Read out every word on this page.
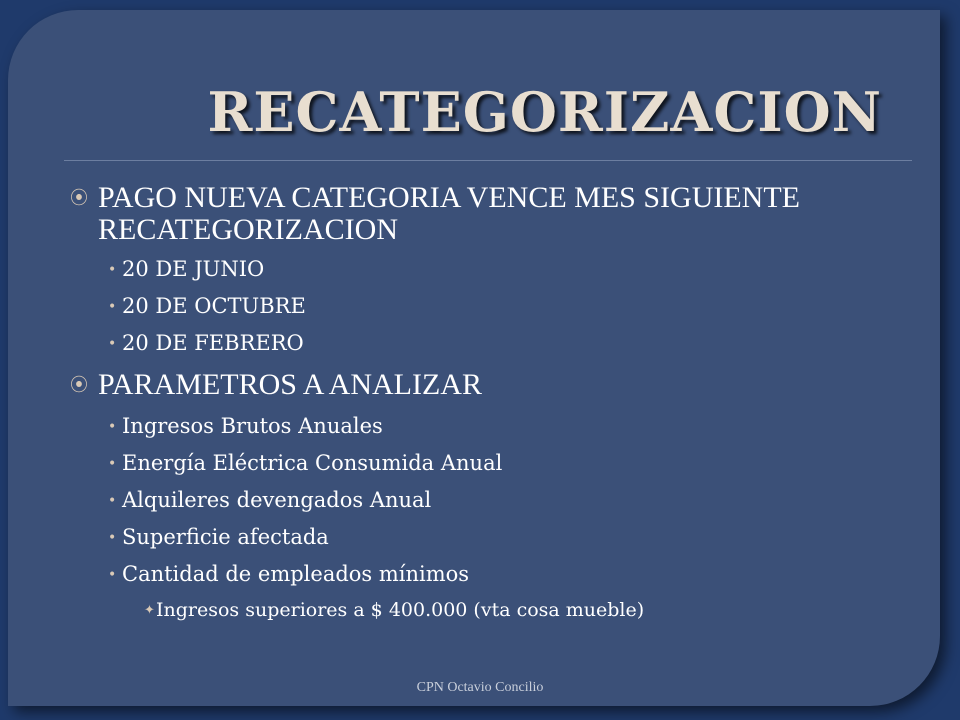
RECATEGORIZACION
⦿ PAGO NUEVA CATEGORIA VENCE MES SIGUIENTE RECATEGORIZACION
• 20 DE JUNIO
• 20 DE OCTUBRE
• 20 DE FEBRERO
⦿ PARAMETROS A ANALIZAR
• Ingresos Brutos Anuales
• Energía Eléctrica Consumida Anual
• Alquileres devengados Anual
• Superficie afectada
• Cantidad de empleados mínimos
✦ Ingresos superiores a $ 400.000 (vta cosa mueble)
CPN Octavio Concilio
